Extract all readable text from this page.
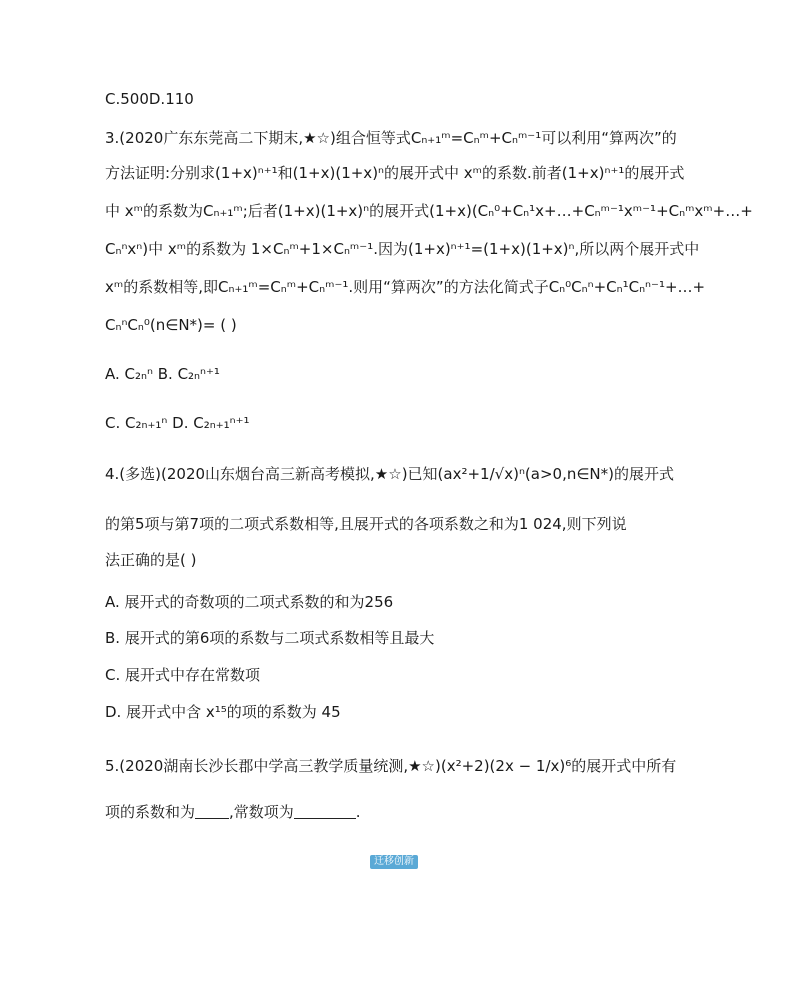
C.500D.110
3.(2020广东东莞高二下期末,★☆)组合恒等式Cₙ₊₁ᵐ=Cₙᵐ+Cₙᵐ⁻¹可以利用“算两次”的
方法证明:分别求(1+x)ⁿ⁺¹和(1+x)(1+x)ⁿ的展开式中 xᵐ的系数.前者(1+x)ⁿ⁺¹的展开式
中 xᵐ的系数为Cₙ₊₁ᵐ;后者(1+x)(1+x)ⁿ的展开式(1+x)(Cₙ⁰+Cₙ¹x+…+Cₙᵐ⁻¹xᵐ⁻¹+Cₙᵐxᵐ+…+
Cₙⁿxⁿ)中 xᵐ的系数为 1×Cₙᵐ+1×Cₙᵐ⁻¹.因为(1+x)ⁿ⁺¹=(1+x)(1+x)ⁿ,所以两个展开式中
xᵐ的系数相等,即Cₙ₊₁ᵐ=Cₙᵐ+Cₙᵐ⁻¹.则用“算两次”的方法化简式子Cₙ⁰Cₙⁿ+Cₙ¹Cₙⁿ⁻¹+…+
CₙⁿCₙ⁰(n∈N*)= ( )
A. C₂ₙⁿ B. C₂ₙⁿ⁺¹
C. C₂ₙ₊₁ⁿ D. C₂ₙ₊₁ⁿ⁺¹
4.(多选)(2020山东烟台高三新高考模拟,★☆)已知(ax²+1/√x)ⁿ(a>0,n∈N*)的展开式
的第5项与第7项的二项式系数相等,且展开式的各项系数之和为1 024,则下列说
法正确的是( )
A. 展开式的奇数项的二项式系数的和为256
B. 展开式的第6项的系数与二项式系数相等且最大
C. 展开式中存在常数项
D. 展开式中含 x¹⁵的项的系数为 45
5.(2020湖南长沙长郡中学高三教学质量统测,★☆)(x²+2)(2x − 1/x)⁶的展开式中所有
项的系数和为 ,常数项为	.
迁移创新
